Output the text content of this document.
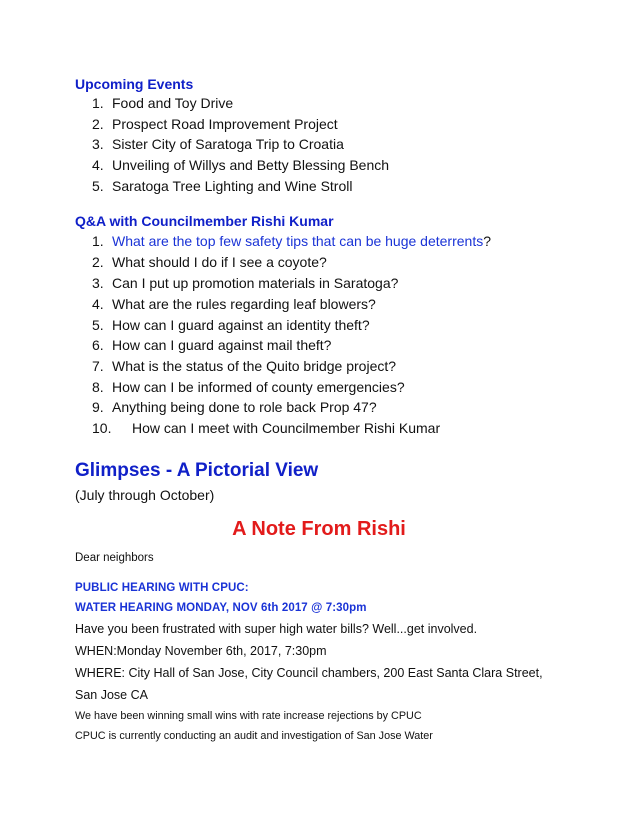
Upcoming Events
1. Food and Toy Drive
2. Prospect Road Improvement Project
3. Sister City of Saratoga Trip to Croatia
4. Unveiling of Willys and Betty Blessing Bench
5. Saratoga Tree Lighting and Wine Stroll
Q&A with Councilmember Rishi Kumar
1. What are the top few safety tips that can be huge deterrents?
2. What should I do if I see a coyote?
3. Can I put up promotion materials in Saratoga?
4. What are the rules regarding leaf blowers?
5. How can I guard against an identity theft?
6. How can I guard against mail theft?
7. What is the status of the Quito bridge project?
8. How can I be informed of county emergencies?
9. Anything being done to role back Prop 47?
10. How can I meet with Councilmember Rishi Kumar
Glimpses - A Pictorial View
(July through October)
A Note From Rishi
Dear neighbors
PUBLIC HEARING WITH CPUC:
WATER HEARING MONDAY, NOV 6th 2017 @ 7:30pm
Have you been frustrated with super high water bills? Well...get involved.
WHEN:Monday November 6th, 2017, 7:30pm
WHERE: City Hall of San Jose, City Council chambers, 200 East Santa Clara Street,
San Jose CA
We have been winning small wins with rate increase rejections by CPUC
CPUC is currently conducting an audit and investigation of San Jose Water
